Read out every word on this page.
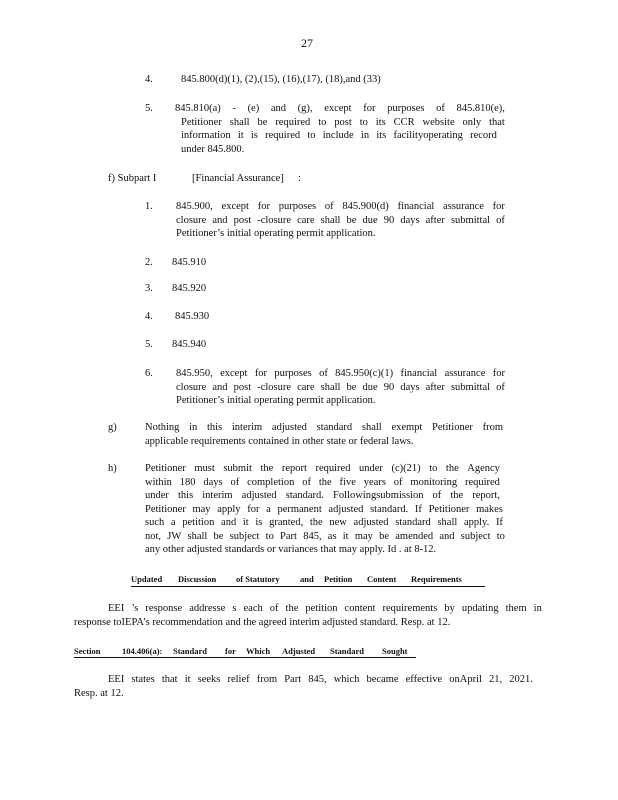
27
4.	845.800(d)(1), (2),(15), (16),(17), (18),and (33)
5. 845.810(a) - (e) and (g), except for purposes of 845.810(e),
Petitioner shall be required to post to its CCR website only that
information it is required to include in its facilityoperating record
under 845.800.
f) Subpart I	[Financial Assurance] :
1. 845.900, except for purposes of 845.900(d) financial assurance for
closure and post -closure care shall be due 90 days after submittal of
Petitioner’s initial operating permit application.
2. 845.910
3. 845.920
4. 845.930
5. 845.940
6. 845.950, except for purposes of 845.950(c)(1) financial assurance for
closure and post -closure care shall be due 90 days after submittal of
Petitioner’s initial operating permit application.
g)	Nothing in this interim adjusted standard shall exempt Petitioner from
applicable requirements contained in other state or federal laws.
h)	Petitioner must submit the report required under (c)(21) to the Agency
within 180 days of completion of the five years of monitoring required
under this interim adjusted standard. Followingsubmission of the report,
Petitioner may apply for a permanent adjusted standard. If Petitioner makes
such a petition and it is granted, the new adjusted standard shall apply. If
not, JW shall be subject to Part 845, as it may be amended and subject to
any other adjusted standards or variances that may apply. Id . at 8-12.
Updated Discussion of Statutory and Petition Content Requirements
EEI ’s response addresse s each of the petition content requirements by updating them in
response toIEPA’s recommendation and the agreed interim adjusted standard. Resp. at 12.
Section	104.406(a): Standard for Which Adjusted Standard Sought
EEI states that it seeks relief from Part 845, which became effective onApril 21, 2021.
Resp. at 12.
